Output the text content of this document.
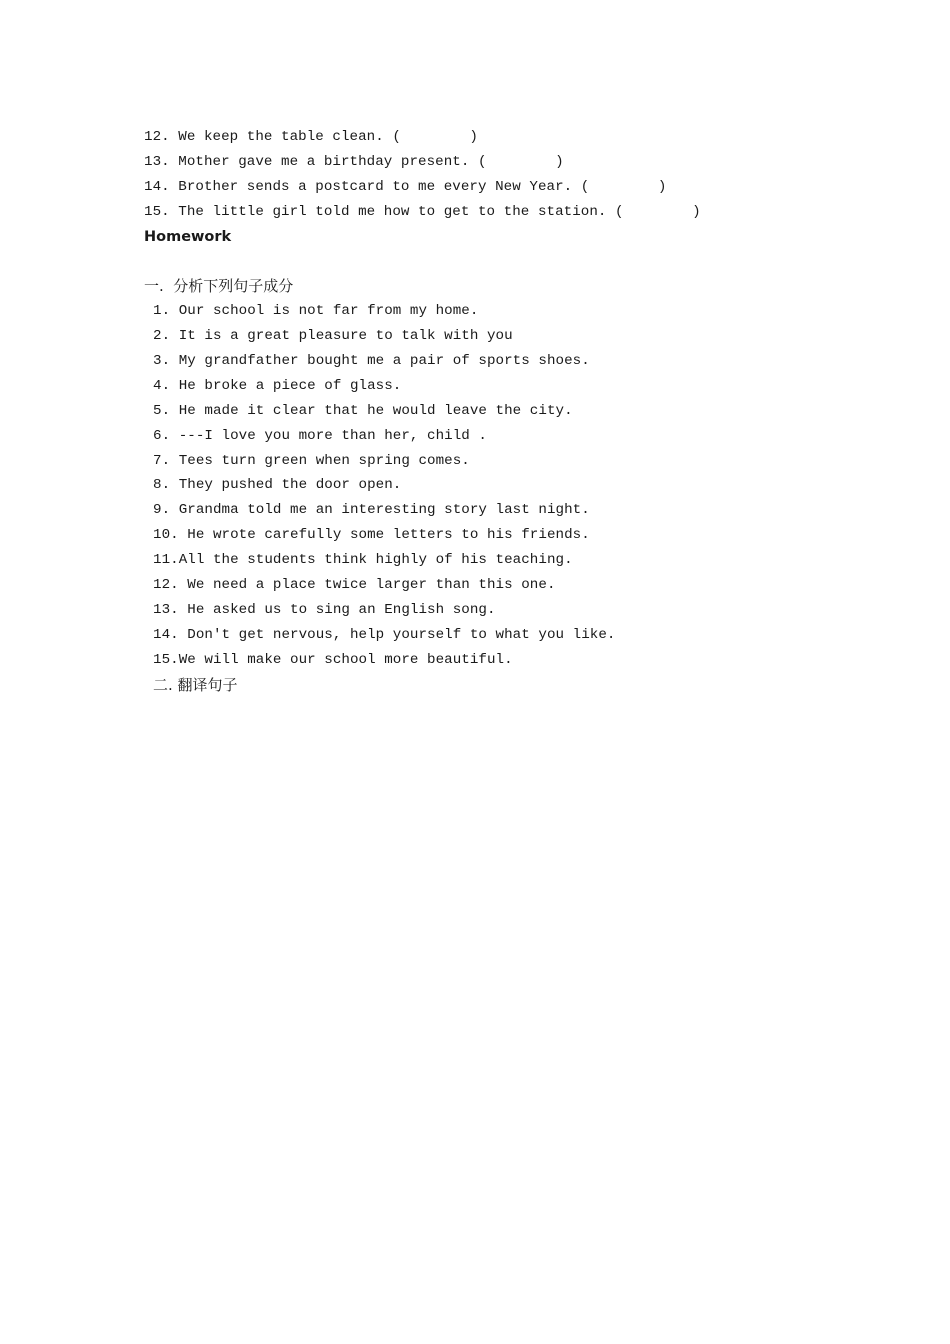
12. We keep the table clean. (        )
13. Mother gave me a birthday present. (        )
14. Brother sends a postcard to me every New Year. (        )
15. The little girl told me how to get to the station. (        )
Homework
一.  分析下列句子成分
1. Our school is not far from my home.
2. It is a great pleasure to talk with you
3. My grandfather bought me a pair of sports shoes.
4. He broke a piece of glass.
5. He made it clear that he would leave the city.
6. ---I love you more than her, child .
7. Tees turn green when spring comes.
8. They pushed the door open.
9. Grandma told me an interesting story last night.
10. He wrote carefully some letters to his friends.
11.All the students think highly of his teaching.
12. We need a place twice larger than this one.
13. He asked us to sing an English song.
14. Don't get nervous, help yourself to what you like.
15.We will make our school more beautiful.
二. 翻译句子
